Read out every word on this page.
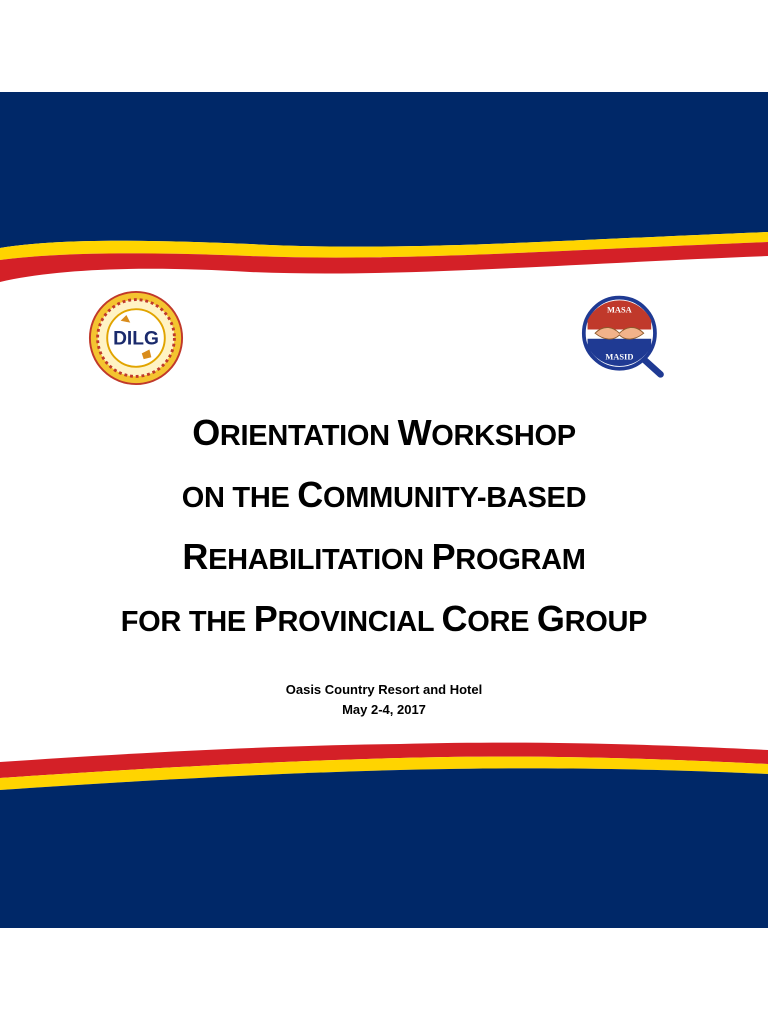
DILG
MASA
MASID
ORIENTATION WORKSHOP
ON THE COMMUNITY-BASED
REHABILITATION PROGRAM
FOR THE PROVINCIAL CORE GROUP
Oasis Country Resort and Hotel
May 2-4, 2017
